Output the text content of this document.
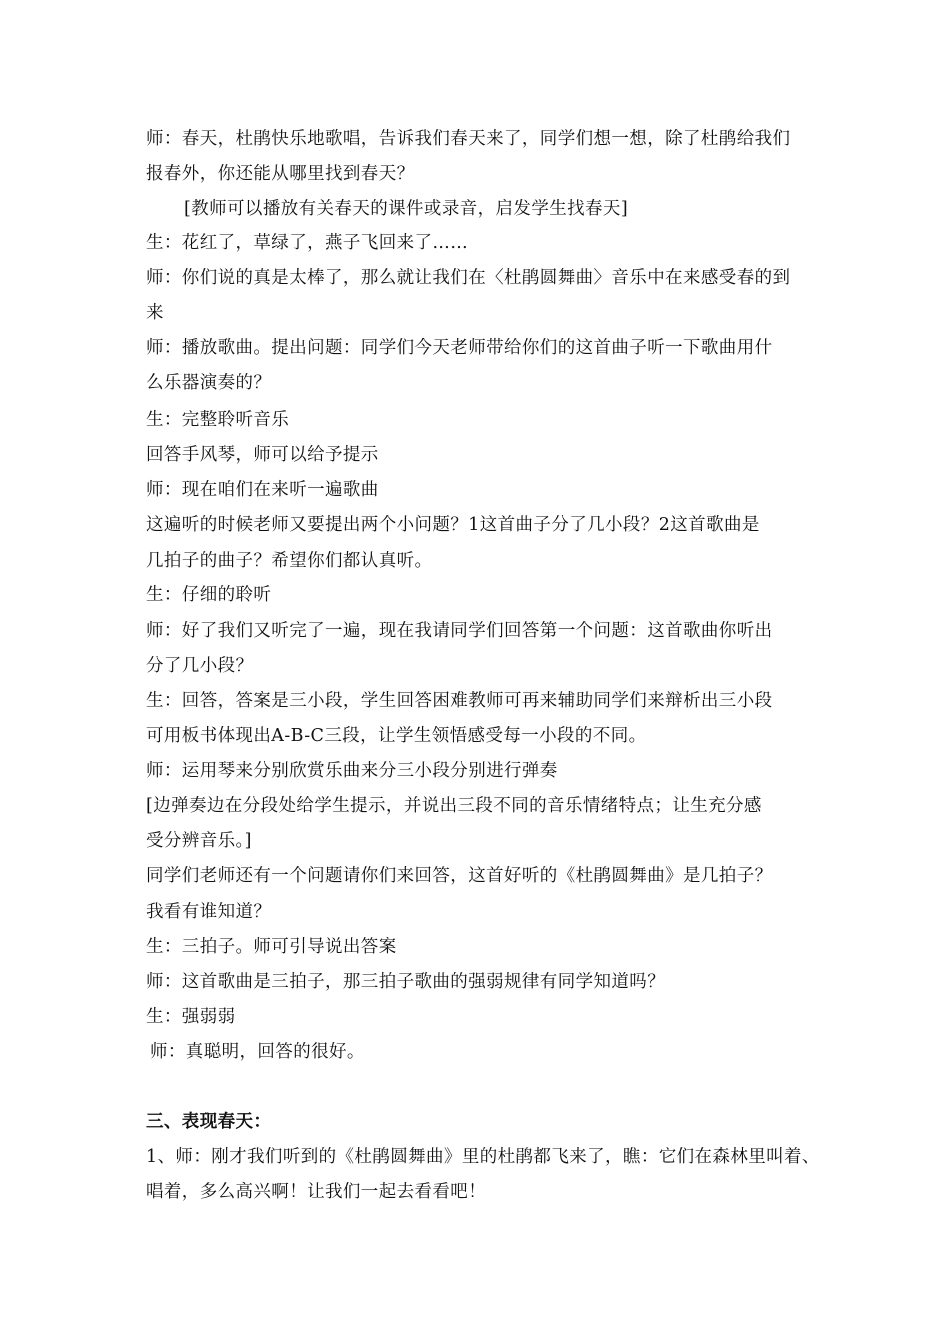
师：春天，杜鹃快乐地歌唱，告诉我们春天来了，同学们想一想，除了杜鹃给我们
报春外，你还能从哪里找到春天？
[教师可以播放有关春天的课件或录音，启发学生找春天]
生：花红了，草绿了，燕子飞回来了……
师：你们说的真是太棒了，那么就让我们在〈杜鹃圆舞曲〉音乐中在来感受春的到
来
师：播放歌曲。提出问题：同学们今天老师带给你们的这首曲子听一下歌曲用什
么乐器演奏的？
生：完整聆听音乐
回答手风琴，师可以给予提示
师：现在咱们在来听一遍歌曲
这遍听的时候老师又要提出两个小问题？1这首曲子分了几小段？2这首歌曲是
几拍子的曲子？希望你们都认真听。
生：仔细的聆听
师：好了我们又听完了一遍，现在我请同学们回答第一个问题：这首歌曲你听出
分了几小段？
生：回答，答案是三小段，学生回答困难教师可再来辅助同学们来辩析出三小段
可用板书体现出A-B-C三段，让学生领悟感受每一小段的不同。
师：运用琴来分别欣赏乐曲来分三小段分别进行弹奏
[边弹奏边在分段处给学生提示，并说出三段不同的音乐情绪特点；让生充分感
受分辨音乐。]
同学们老师还有一个问题请你们来回答，这首好听的《杜鹃圆舞曲》是几拍子？
我看有谁知道？
生：三拍子。师可引导说出答案
师：这首歌曲是三拍子，那三拍子歌曲的强弱规律有同学知道吗？
生：强弱弱
师：真聪明，回答的很好。
三、表现春天：
1、师：刚才我们听到的《杜鹃圆舞曲》里的杜鹃都飞来了，瞧：它们在森林里叫着、
唱着，多么高兴啊！让我们一起去看看吧！
